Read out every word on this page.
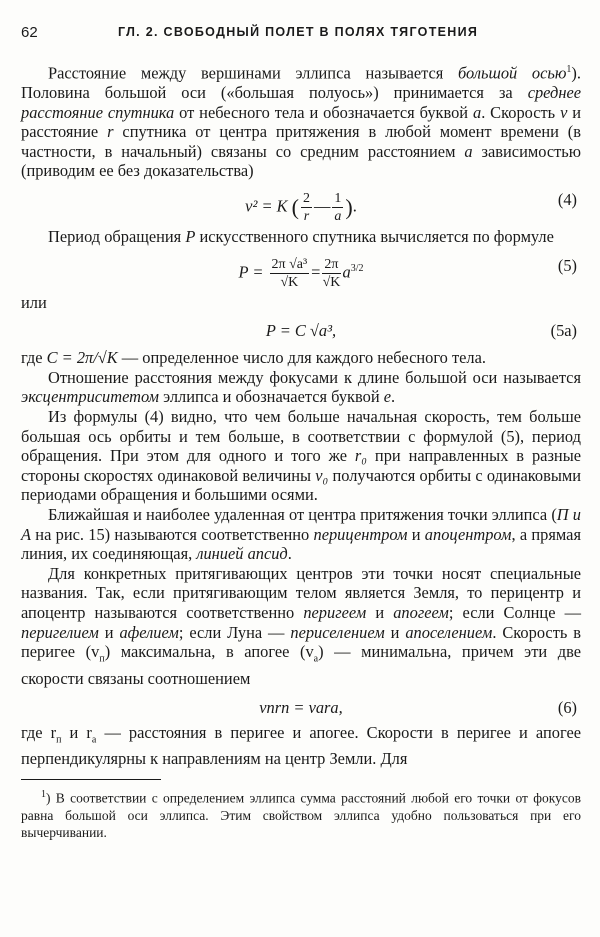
62	ГЛ. 2. СВОБОДНЫЙ ПОЛЕТ В ПОЛЯХ ТЯГОТЕНИЯ

Расстояние между вершинами эллипса называется большой осью$^1$). Половина большой оси («большая полуось») принимается за среднее расстояние спутника от небесного тела и обозначается буквой a. Скорость v и расстояние r спутника от центра притяжения в любой момент времени (в частности, в начальный) связаны со средним расстоянием a зависимостью (приводим ее без доказательства)

v² = K ( $\frac{2}{r}$ — $\frac{1}{a}$ ).	(4)

Период обращения P искусственного спутника вычисляется по формуле

$P = \frac{\text{2π √a³}}{√K} = \frac{2\pi}{√K} a^{3/2}$	(5)

или

P = C √a³,	(5a)

где C = 2π/√K — определенное число для каждого небесного тела.

Отношение расстояния между фокусами к длине большой оси называется эксцентриситетом эллипса и обозначается буквой e.

Из формулы (4) видно, что чем больше начальная скорость, тем больше большая ось орбиты и тем больше, в соответствии с формулой (5), период обращения. При этом для одного и того же r₀ при направленных в разные стороны скоростях одинаковой величины v₀ получаются орбиты с одинаковыми периодами обращения и большими осями.

Ближайшая и наиболее удаленная от центра притяжения точки эллипса (П и А на рис. 15) называются соответственно перицентром и апоцентром, а прямая линия, их соединяющая, линией апсид.

Для конкретных притягивающих центров эти точки носят специальные названия. Так, если притягивающим телом является Земля, то перицентр и апоцентр называются соответственно перигеем и апогеем; если Солнце — перигелием и афелием; если Луна — периселением и апоселением. Скорость в перигее $(v_п)$ максимальна, в апогее $(v_а)$ — минимальна, причем эти две скорости связаны соотношением

vпrп = vаrа,	(6)

где $r_п$ и $r_а$ — расстояния в перигее и апогее. Скорости в перигее и апогее перпендикулярны к направлениям на центр Земли. Для

$^1$) В соответствии с определением эллипса сумма расстояний любой его точки от фокусов равна большой оси эллипса. Этим свойством эллипса удобно пользоваться при его вычерчивании.
